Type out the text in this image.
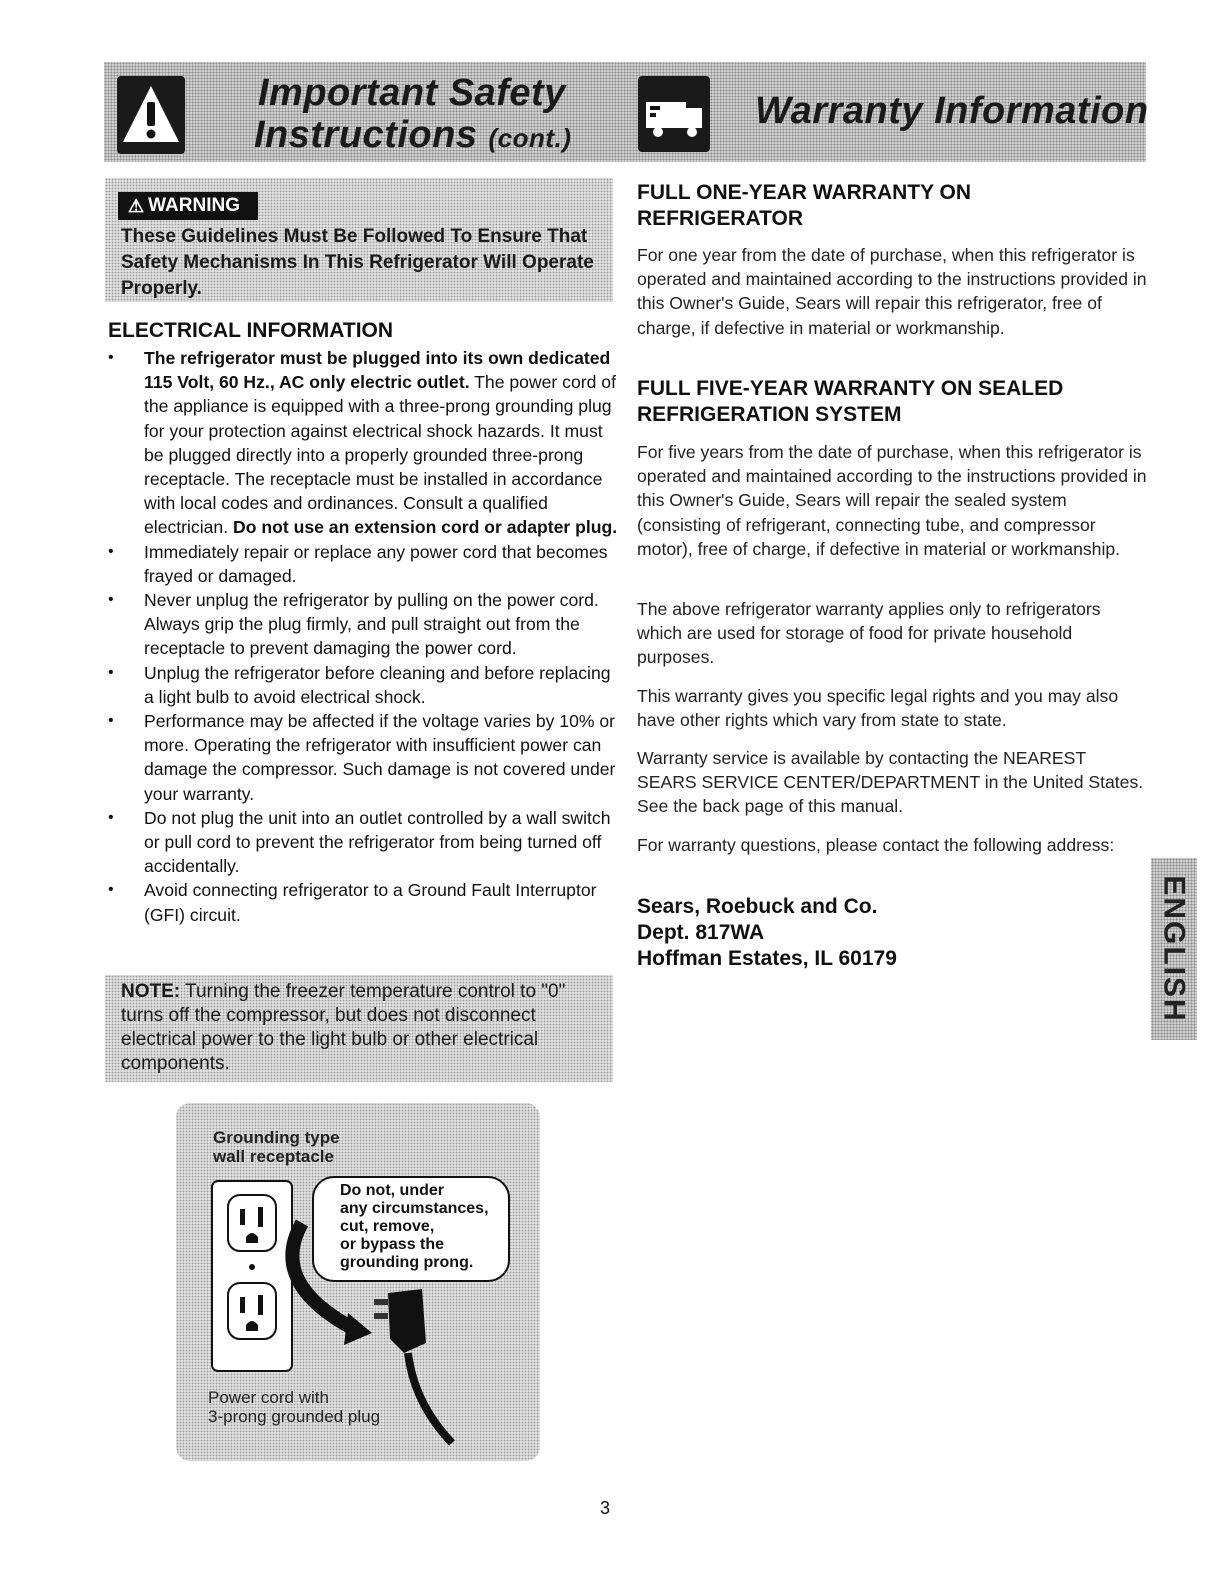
Important Safety
Instructions (cont.)
Warranty Information
⚠ WARNING
These Guidelines Must Be Followed To Ensure That Safety Mechanisms In This Refrigerator Will Operate Properly.
ELECTRICAL INFORMATION
• The refrigerator must be plugged into its own dedicated 115 Volt, 60 Hz., AC only electric outlet. The power cord of the appliance is equipped with a three-prong grounding plug for your protection against electrical shock hazards. It must be plugged directly into a properly grounded three-prong receptacle. The receptacle must be installed in accordance with local codes and ordinances. Consult a qualified electrician. Do not use an extension cord or adapter plug.
• Immediately repair or replace any power cord that becomes frayed or damaged.
• Never unplug the refrigerator by pulling on the power cord. Always grip the plug firmly, and pull straight out from the receptacle to prevent damaging the power cord.
• Unplug the refrigerator before cleaning and before replacing a light bulb to avoid electrical shock.
• Performance may be affected if the voltage varies by 10% or more. Operating the refrigerator with insufficient power can damage the compressor. Such damage is not covered under your warranty.
• Do not plug the unit into an outlet controlled by a wall switch or pull cord to prevent the refrigerator from being turned off accidentally.
• Avoid connecting refrigerator to a Ground Fault Interruptor (GFI) circuit.
NOTE: Turning the freezer temperature control to "0" turns off the compressor, but does not disconnect electrical power to the light bulb or other electrical components.
Grounding type
wall receptacle
Do not, under
any circumstances,
cut, remove,
or bypass the
grounding prong.
Power cord with
3-prong grounded plug
FULL ONE-YEAR WARRANTY ON REFRIGERATOR
For one year from the date of purchase, when this refrigerator is operated and maintained according to the instructions provided in this Owner's Guide, Sears will repair this refrigerator, free of charge, if defective in material or workmanship.
FULL FIVE-YEAR WARRANTY ON SEALED REFRIGERATION SYSTEM
For five years from the date of purchase, when this refrigerator is operated and maintained according to the instructions provided in this Owner's Guide, Sears will repair the sealed system (consisting of refrigerant, connecting tube, and compressor motor), free of charge, if defective in material or workmanship.
The above refrigerator warranty applies only to refrigerators which are used for storage of food for private household purposes.
This warranty gives you specific legal rights and you may also have other rights which vary from state to state.
Warranty service is available by contacting the NEAREST SEARS SERVICE CENTER/DEPARTMENT in the United States. See the back page of this manual.
For warranty questions, please contact the following address:
Sears, Roebuck and Co.
Dept. 817WA
Hoffman Estates, IL 60179	ENGLISH
3
